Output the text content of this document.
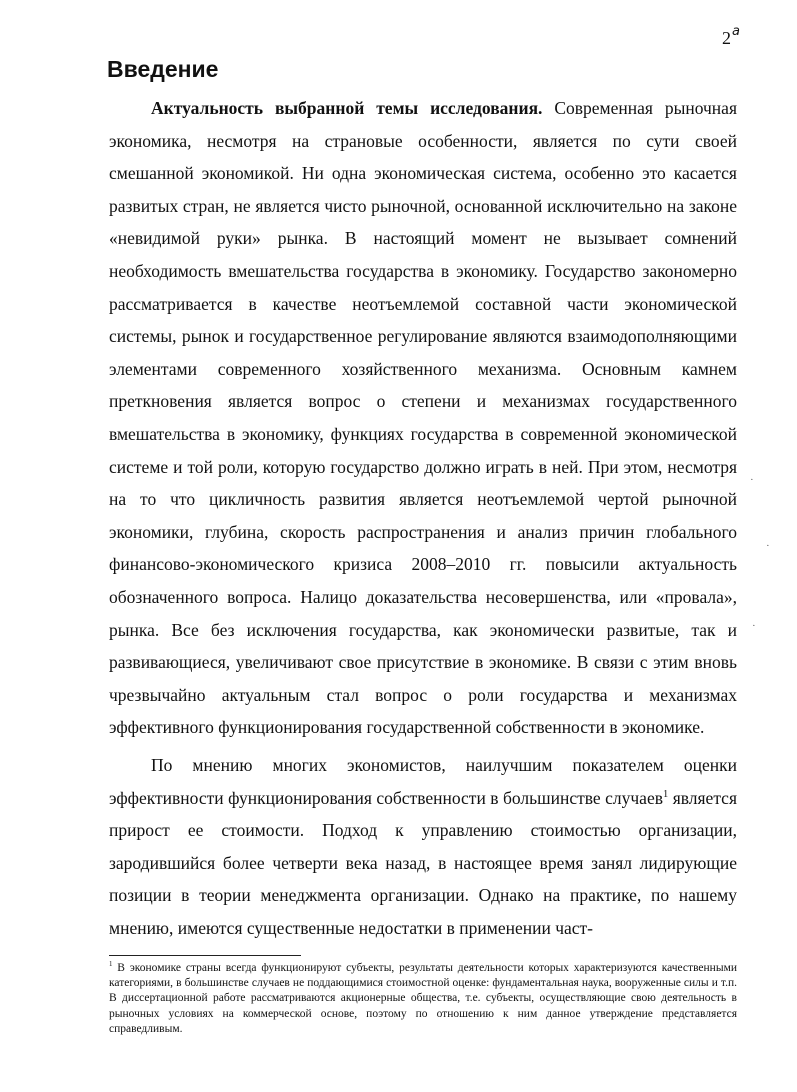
2$^a$
Введение

Актуальность выбранной темы исследования. Современная рыночная экономика, несмотря на страновые особенности, является по сути своей смешанной экономикой. Ни одна экономическая система, особенно это касается развитых стран, не является чисто рыночной, основанной исключительно на законе «невидимой руки» рынка. В настоящий момент не вызывает сомнений необходимость вмешательства государства в экономику. Государство закономерно рассматривается в качестве неотъемлемой составной части экономической системы, рынок и государственное регулирование являются взаимодополняющими элементами современного хозяйственного механизма. Основным камнем преткновения является вопрос о степени и механизмах государственного вмешательства в экономику, функциях государства в современной экономической системе и той роли, которую государство должно играть в ней. При этом, несмотря на то что цикличность развития является неотъемлемой чертой рыночной экономики, глубина, скорость распространения и анализ причин глобального финансово-экономического кризиса 2008–2010 гг. повысили актуальность обозначенного вопроса. Налицо доказательства несовершенства, или «провала», рынка. Все без исключения государства, как экономически развитые, так и развивающиеся, увеличивают свое присутствие в экономике. В связи с этим вновь чрезвычайно актуальным стал вопрос о роли государства и механизмах эффективного функционирования государственной собственности в экономике.

По мнению многих экономистов, наилучшим показателем оценки эффективности функционирования собственности в большинстве случаев$^1$ является прирост ее стоимости. Подход к управлению стоимостью организации, зародившийся более четверти века назад, в настоящее время занял лидирующие позиции в теории менеджмента организации. Однако на практике, по нашему мнению, имеются существенные недостатки в применении част-

$^1$ В экономике страны всегда функционируют субъекты, результаты деятельности которых характеризуются качественными категориями, в большинстве случаев не поддающимися стоимостной оценке: фундаментальная наука, вооруженные силы и т.п. В диссертационной работе рассматриваются акционерные общества, т.е. субъекты, осуществляющие свою деятельность в рыночных условиях на коммерческой основе, поэтому по отношению к ним данное утверждение представляется справедливым.

·
·
·
